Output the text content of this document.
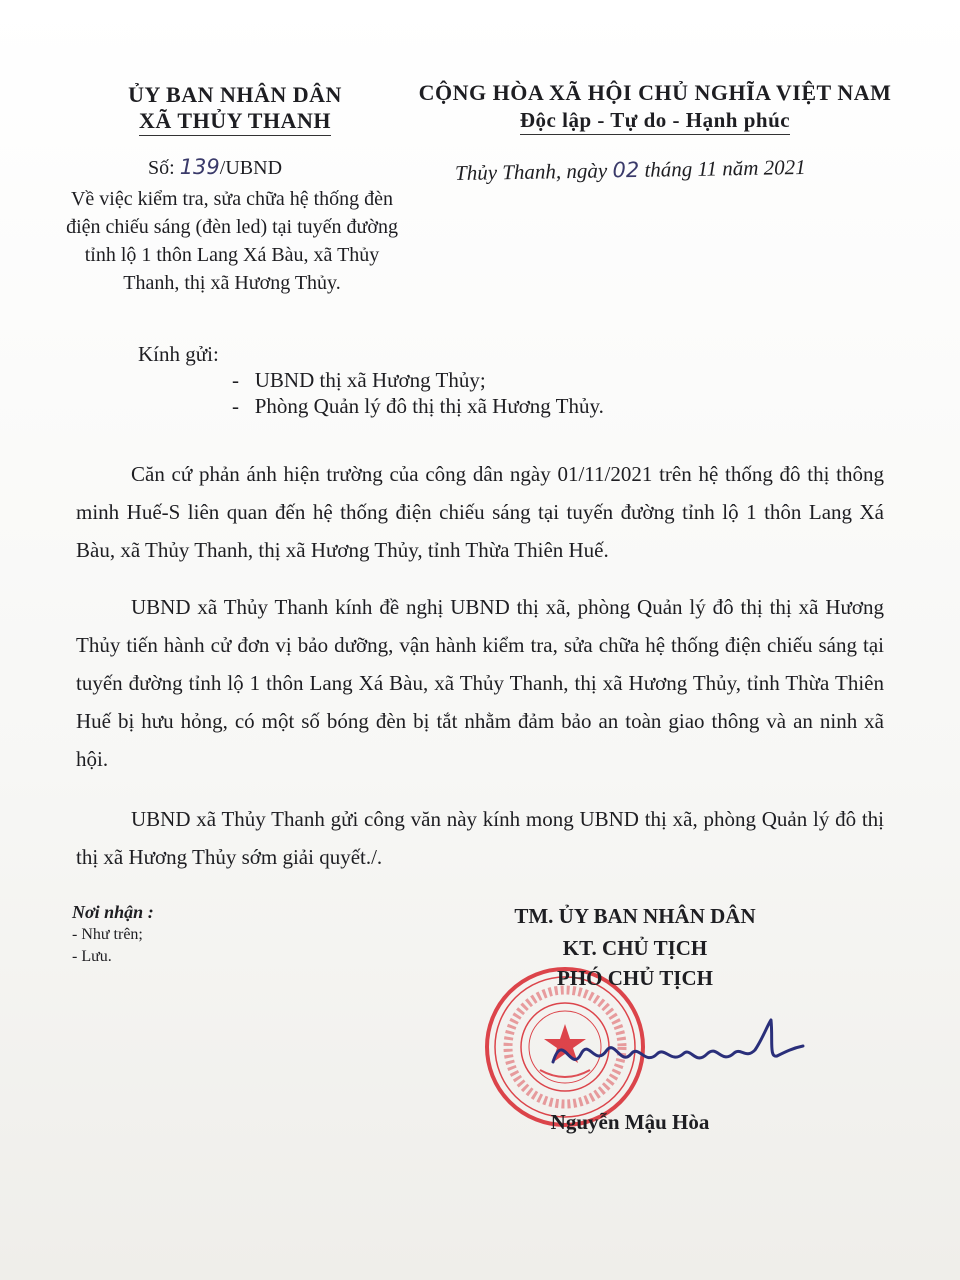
ỦY BAN NHÂN DÂN
XÃ THỦY THANH
CỘNG HÒA XÃ HỘI CHỦ NGHĨA VIỆT NAM
Độc lập - Tự do - Hạnh phúc
Số: 139/UBND	Thủy Thanh, ngày 02 tháng 11 năm 2021
Về việc kiểm tra, sửa chữa hệ thống đèn điện chiếu sáng (đèn led) tại tuyến đường tỉnh lộ 1 thôn Lang Xá Bàu, xã Thủy Thanh, thị xã Hương Thủy.
Kính gửi:
-   UBND thị xã Hương Thủy;
-   Phòng Quản lý đô thị thị xã Hương Thủy.
Căn cứ phản ánh hiện trường của công dân ngày 01/11/2021 trên hệ thống đô thị thông minh Huế-S liên quan đến hệ thống điện chiếu sáng tại tuyến đường tỉnh lộ 1 thôn Lang Xá Bàu, xã Thủy Thanh, thị xã Hương Thủy, tỉnh Thừa Thiên Huế.
UBND xã Thủy Thanh kính đề nghị UBND thị xã, phòng Quản lý đô thị thị xã Hương Thủy tiến hành cử đơn vị bảo dưỡng, vận hành kiểm tra, sửa chữa hệ thống điện chiếu sáng tại tuyến đường tỉnh lộ 1 thôn Lang Xá Bàu, xã Thủy Thanh, thị xã Hương Thủy, tỉnh Thừa Thiên Huế bị hưu hỏng, có một số bóng đèn bị tắt nhằm đảm bảo an toàn giao thông và an ninh xã hội.
UBND xã Thủy Thanh gửi công văn này kính mong UBND thị xã, phòng Quản lý đô thị thị xã Hương Thủy sớm giải quyết./.
Nơi nhận :
- Như trên;
- Lưu.
TM. ỦY BAN NHÂN DÂN
KT. CHỦ TỊCH
PHÓ CHỦ TỊCH
Nguyễn Mậu Hòa
